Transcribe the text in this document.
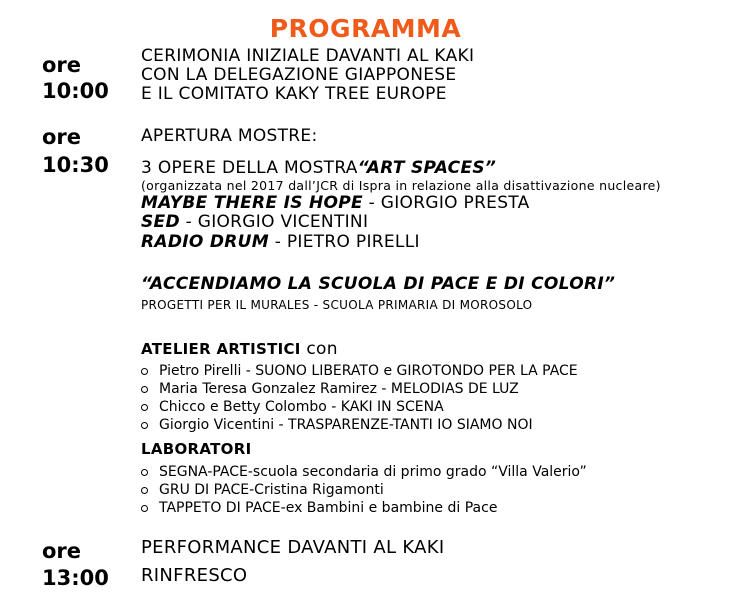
PROGRAMMA
ore
10:00
CERIMONIA INIZIALE DAVANTI AL KAKI
CON LA DELEGAZIONE GIAPPONESE
E IL COMITATO KAKY TREE EUROPE
ore
10:30
APERTURA MOSTRE:
3 OPERE DELLA MOSTRA“ART SPACES”
(organizzata nel 2017 dall’JCR di Ispra in relazione alla disattivazione nucleare)
MAYBE THERE IS HOPE - GIORGIO PRESTA
SED - GIORGIO VICENTINI
RADIO DRUM - PIETRO PIRELLI
“ACCENDIAMO LA SCUOLA DI PACE E DI COLORI”
PROGETTI PER IL MURALES - SCUOLA PRIMARIA DI MOROSOLO
ATELIER ARTISTICI con
Pietro Pirelli - SUONO LIBERATO e GIROTONDO PER LA PACE
Maria Teresa Gonzalez Ramirez - MELODIAS DE LUZ
Chicco e Betty Colombo - KAKI IN SCENA
Giorgio Vicentini - TRASPARENZE-TANTI IO SIAMO NOI
LABORATORI
SEGNA-PACE-scuola secondaria di primo grado “Villa Valerio”
GRU DI PACE-Cristina Rigamonti
TAPPETO DI PACE-ex Bambini e bambine di Pace
ore
13:00
PERFORMANCE DAVANTI AL KAKI
RINFRESCO
